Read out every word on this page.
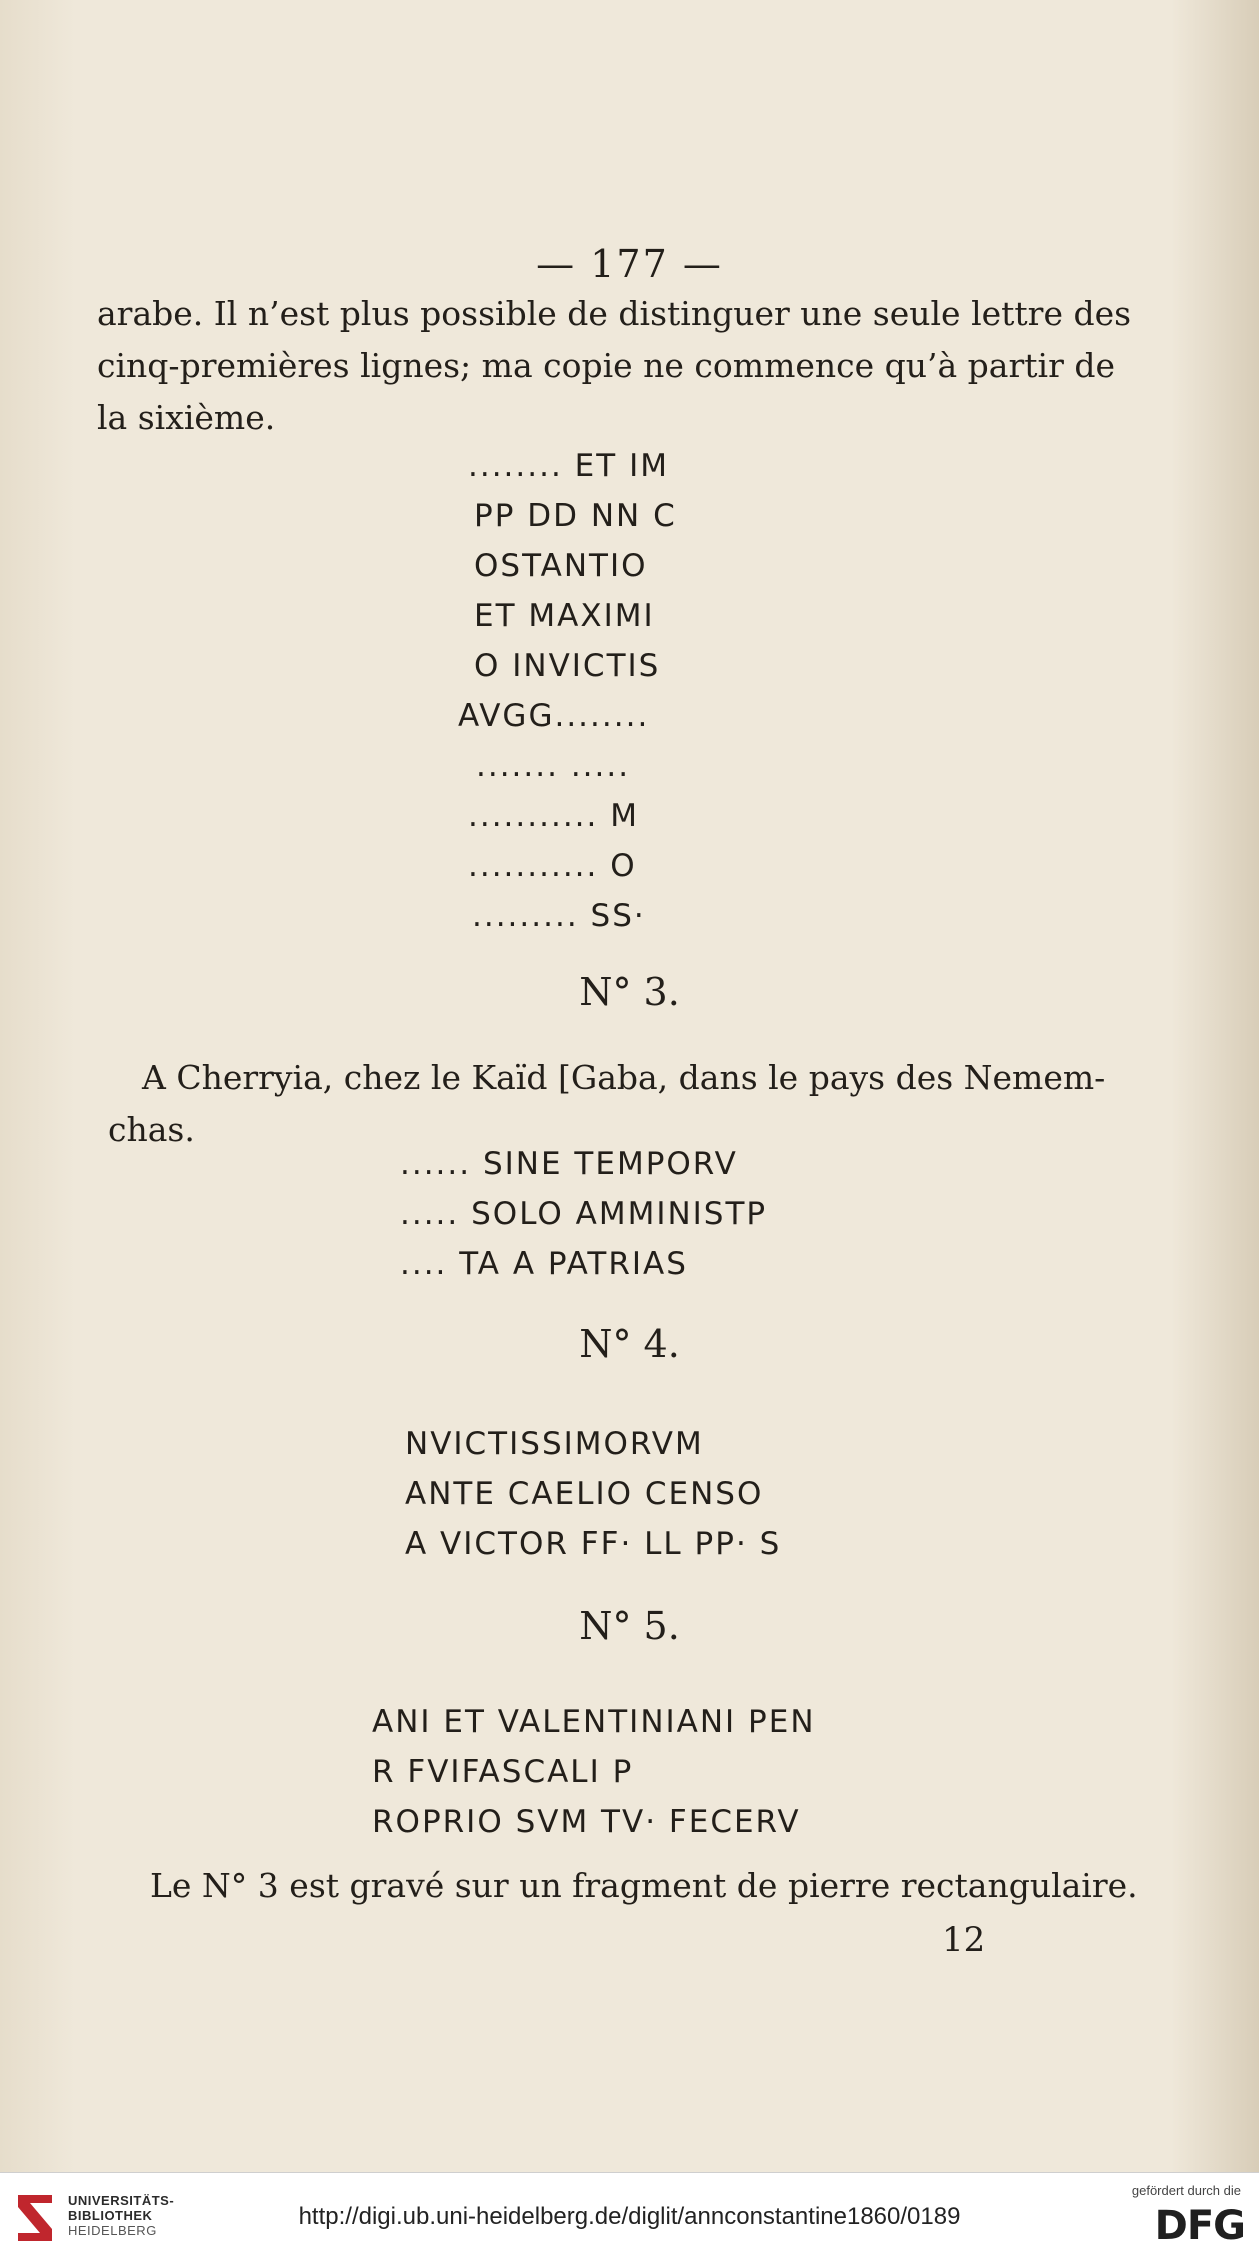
— 177 —
arabe. Il n’est plus possible de distinguer une seule lettre des
cinq-premières lignes; ma copie ne commence qu’à partir de
la sixième.
........ ET IM
PP DD NN C
OSTANTIO
ET MAXIMI
O INVICTIS
AVGG........
....... .....
........... M
........... O
......... SS·
N° 3.
A Cherryia, chez le Kaïd [Gaba, dans le pays des Nemem-
chas.
...... SINE TEMPORV
..... SOLO AMMINISTP
.... TA A PATRIAS
N° 4.
NVICTISSIMORVM
ANTE CAELIO CENSO
A VICTOR FF· LL PP· S
N° 5.
ANI ET VALENTINIANI PEN
R FVIFASCALI P
ROPRIO SVM TV· FECERV
Le N° 3 est gravé sur un fragment de pierre rectangulaire.
12
UNIVERSITÄTS-
BIBLIOTHEK
HEIDELBERG
http://digi.ub.uni-heidelberg.de/diglit/annconstantine1860/0189
gefördert durch die
DFG
